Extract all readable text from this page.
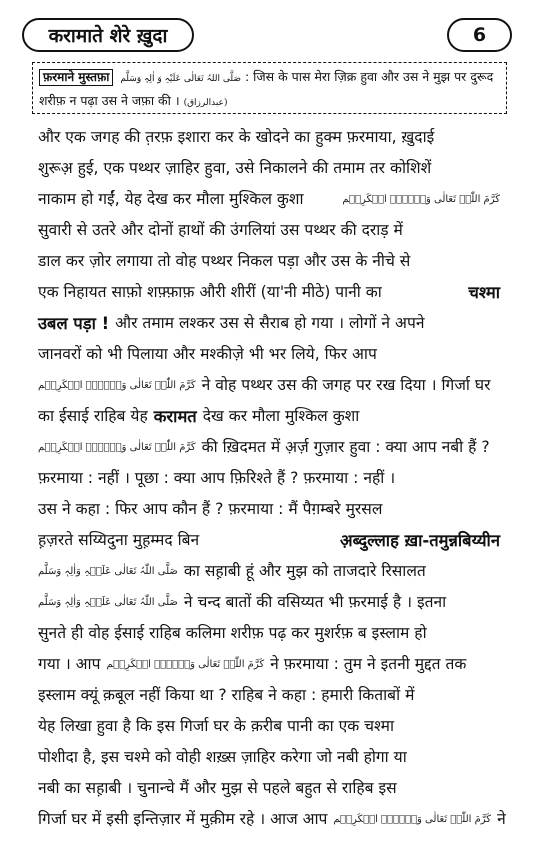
करामाते शेरे ख़ुदा	6
फ़रमाने मुस्तफ़ा صَلَّی اللہُ تَعَالٰی عَلَیْہِ وَ اٰلِہٖ وَسَلَّم : जिस के पास मेरा ज़िक्र हुवा और उस ने मुझ पर दुरूद
शरीफ़ न पढ़ा उस ने जफ़ा की । (عبدالرزاق)
और एक जगह की त़रफ़ इशारा कर के खोदने का हुक्म फ़रमाया, ख़ुदाई
शुरूअ़ हुई, एक पथ्थर ज़ाहिर हुवा, उसे निकालने की तमाम तर कोशिशें
नाकाम हो गईं, येह देख कर मौला मुश्किल कुशा	کَرَّمَ اللّٰہُ تَعَالٰی وَجۡہَہُ الۡکَرِیۡم
सुवारी से उतरे और दोनों हाथों की उंगलियां उस पथ्थर की दराड़ में
डाल कर ज़ोर लगाया तो वोह पथ्थर निकल पड़ा और उस के नीचे से
एक निहायत साफ़ो शफ़्फ़ाफ़ औरी शीरीं (या'नी मीठे) पानी का	चश्मा
उबल पड़ा ! और तमाम लश्कर उस से सैराब हो गया । लोगों ने अपने
जानवरों को भी पिलाया और मश्कीज़े भी भर लिये, फिर आप
کَرَّمَ اللّٰہُ تَعَالٰی وَجۡہَہُ الۡکَرِیۡم ने वोह पथ्थर उस की जगह पर रख दिया । गिर्जा घर
का ईसाई राहिब येह करामत देख कर मौला मुश्किल कुशा
کَرَّمَ اللّٰہُ تَعَالٰی وَجۡہَہُ الۡکَرِیۡم की ख़िदमत में अ़र्ज़ गुज़ार हुवा : क्या आप नबी हैं ?
फ़रमाया : नहीं । पूछा : क्या आप फ़िरिश्ते हैं ? फ़रमाया : नहीं ।
उस ने कहा : फिर आप कौन हैं ? फ़रमाया : मैं पैग़म्बरे मुरसल
ह़ज़रते सय्यिदुना मुह़म्मद बिन	अ़ब्दुल्लाह ख़ा-तमुन्नबिय्यीन
صَلَّی اللّٰہُ تَعَالٰی عَلَیۡہِ وَاٰلِہٖ وَسَلَّم का सह़ाबी हूं और मुझ को ताजदारे रिसालत
صَلَّی اللّٰہُ تَعَالٰی عَلَیۡہِ وَاٰلِہٖ وَسَلَّم ने चन्द बातों की वसिय्यत भी फ़रमाई है । इतना
सुनते ही वोह ईसाई राहिब कलिमा शरीफ़ पढ़ कर मुशर्रफ़ ब इस्लाम हो
गया । आप کَرَّمَ اللّٰہُ تَعَالٰی وَجۡہَہُ الۡکَرِیۡم ने फ़रमाया : तुम ने इतनी मुद्दत तक
इस्लाम क्यूं क़बूल नहीं किया था ? राहिब ने कहा : हमारी किताबों में
येह लिखा हुवा है कि इस गिर्जा घर के क़रीब पानी का एक चश्मा
पोशीदा है, इस चश्मे को वोही शख़्स ज़ाहिर करेगा जो नबी होगा या
नबी का सह़ाबी । चुनान्चे मैं और मुझ से पहले बहुत से राहिब इस
गिर्जा घर में इसी इन्तिज़ार में मुक़ीम रहे । आज आप کَرَّمَ اللّٰہُ تَعَالٰی وَجۡہَہُ الۡکَرِیۡم ने
